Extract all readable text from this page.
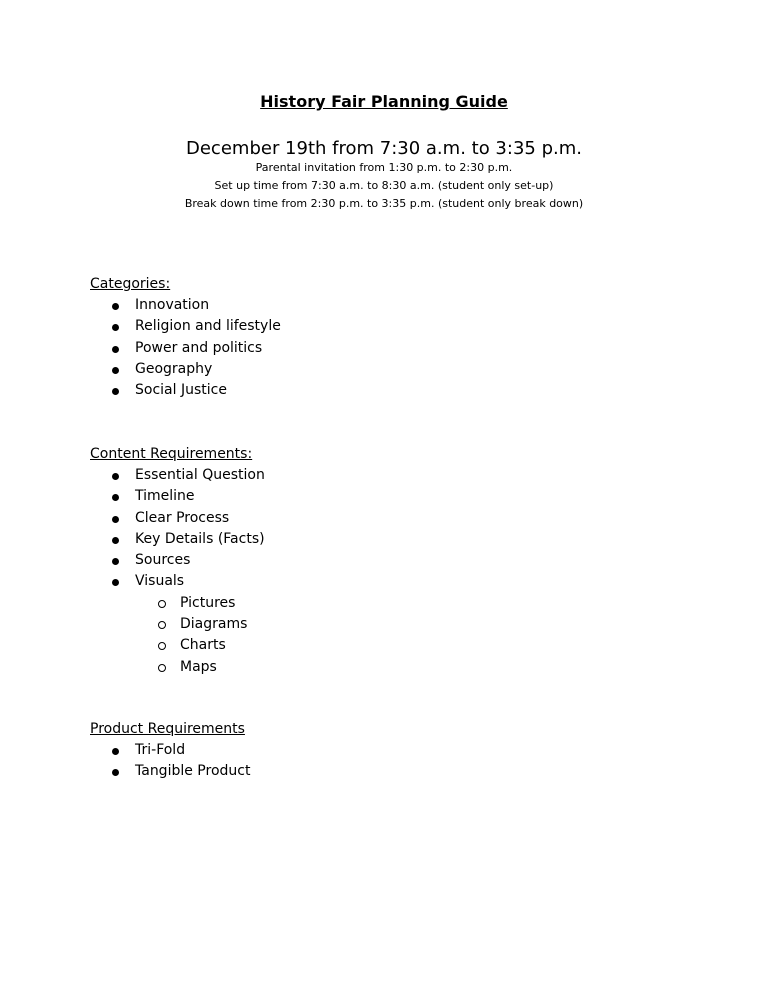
History Fair Planning Guide
December 19th from 7:30 a.m. to 3:35 p.m.
Parental invitation from 1:30 p.m. to 2:30 p.m.
Set up time from 7:30 a.m. to 8:30 a.m. (student only set-up)
Break down time from 2:30 p.m. to 3:35 p.m. (student only break down)
Categories:
Innovation
Religion and lifestyle
Power and politics
Geography
Social Justice
Content Requirements:
Essential Question
Timeline
Clear Process
Key Details (Facts)
Sources
Visuals
Pictures
Diagrams
Charts
Maps
Product Requirements
Tri-Fold
Tangible Product
